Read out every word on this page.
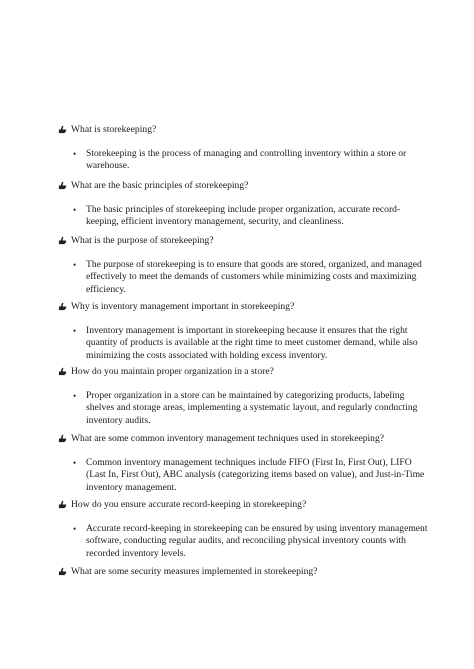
What is storekeeping?
• Storekeeping is the process of managing and controlling inventory within a store or warehouse.
What are the basic principles of storekeeping?
• The basic principles of storekeeping include proper organization, accurate record-keeping, efficient inventory management, security, and cleanliness.
What is the purpose of storekeeping?
• The purpose of storekeeping is to ensure that goods are stored, organized, and managed effectively to meet the demands of customers while minimizing costs and maximizing efficiency.
Why is inventory management important in storekeeping?
• Inventory management is important in storekeeping because it ensures that the right quantity of products is available at the right time to meet customer demand, while also minimizing the costs associated with holding excess inventory.
How do you maintain proper organization in a store?
• Proper organization in a store can be maintained by categorizing products, labeling shelves and storage areas, implementing a systematic layout, and regularly conducting inventory audits.
What are some common inventory management techniques used in storekeeping?
• Common inventory management techniques include FIFO (First In, First Out), LIFO (Last In, First Out), ABC analysis (categorizing items based on value), and Just-in-Time inventory management.
How do you ensure accurate record-keeping in storekeeping?
• Accurate record-keeping in storekeeping can be ensured by using inventory management software, conducting regular audits, and reconciling physical inventory counts with recorded inventory levels.
What are some security measures implemented in storekeeping?
